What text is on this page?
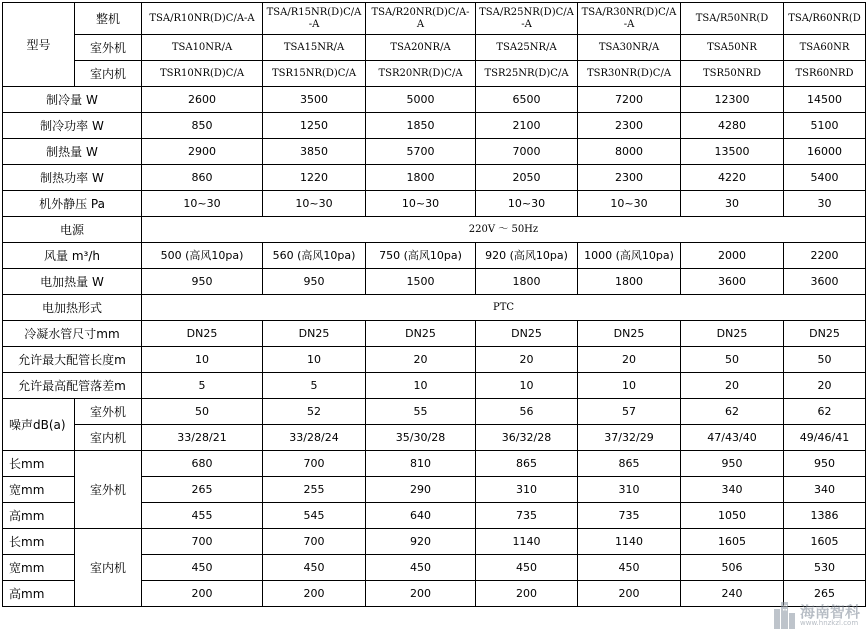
型号	整机	TSA/R10NR(D)C/A-A	TSA/R15NR(D)C/A-A	TSA/R20NR(D)C/A-A	TSA/R25NR(D)C/A-A	TSA/R30NR(D)C/A-A	TSA/R50NR(D	TSA/R60NR(D
	室外机	TSA10NR/A	TSA15NR/A	TSA20NR/A	TSA25NR/A	TSA30NR/A	TSA50NR	TSA60NR
	室内机	TSR10NR(D)C/A	TSR15NR(D)C/A	TSR20NR(D)C/A	TSR25NR(D)C/A	TSR30NR(D)C/A	TSR50NRD	TSR60NRD
制冷量 W		2600	3500	5000	6500	7200	12300	14500
制冷功率 W		850	1250	1850	2100	2300	4280	5100
制热量 W		2900	3850	5700	7000	8000	13500	16000
制热功率 W		860	1220	1800	2050	2300	4220	5400
机外静压 Pa		10~30	10~30	10~30	10~30	10~30	30	30
电源		220V ～ 50Hz						
风量 m³/h		500 (高风10pa)	560 (高风10pa)	750 (高风10pa)	920 (高风10pa)	1000 (高风10pa)	2000	2200
电加热量 W		950	950	1500	1800	1800	3600	3600
电加热形式		PTC						
冷凝水管尺寸mm		DN25	DN25	DN25	DN25	DN25	DN25	DN25
允许最大配管长度m		10	10	20	20	20	50	50
允许最高配管落差m		5	5	10	10	10	20	20
噪声dB(a)	室外机	50	52	55	56	57	62	62
	室内机	33/28/21	33/28/24	35/30/28	36/32/28	37/32/29	47/43/40	49/46/41
长mm	室外机	680	700	810	865	865	950	950
宽mm		265	255	290	310	310	340	340
高mm		455	545	640	735	735	1050	1386
长mm	室内机	700	700	920	1140	1140	1605	1605
宽mm		450	450	450	450	450	506	530
高mm		200	200	200	200	200	240	265
海南智科
www.hnzkzl.com
